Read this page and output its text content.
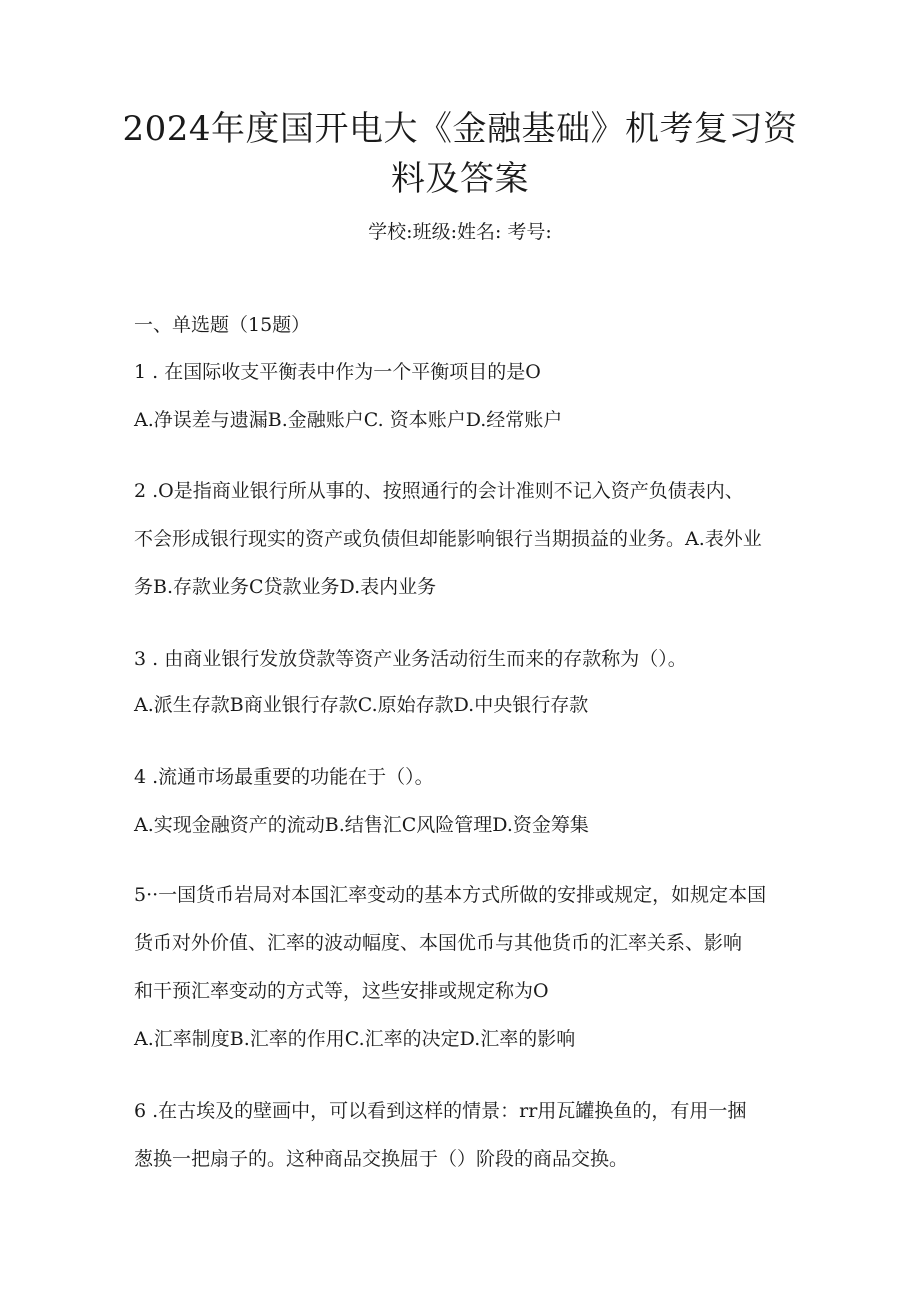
2024年度国开电大《金融基础》机考复习资
料及答案
学校:班级:姓名: 考号:
一、单选题（15题）
1 . 在国际收支平衡表中作为一个平衡项目的是O
A.净误差与遗漏B.金融账户C. 资本账户D.经常账户
2 .O是指商业银行所从事的、按照通行的会计准则不记入资产负债表内、
不会形成银行现实的资产或负债但却能影响银行当期损益的业务。A.表外业
务B.存款业务C贷款业务D.表内业务
3 . 由商业银行发放贷款等资产业务活动衍生而来的存款称为（）。
A.派生存款B商业银行存款C.原始存款D.中央银行存款
4 .流通市场最重要的功能在于（）。
A.实现金融资产的流动B.结售汇C风险管理D.资金筹集
5··一国货币岩局对本国汇率变动的基本方式所做的安排或规定，如规定本国
货币对外价值、汇率的波动幅度、本国优币与其他货币的汇率关系、影响
和干预汇率变动的方式等，这些安排或规定称为O
A.汇率制度B.汇率的作用C.汇率的决定D.汇率的影响
6 .在古埃及的壁画中，可以看到这样的情景：rr用瓦罐换鱼的，有用一捆
葱换一把扇子的。这种商品交换屈于（）阶段的商品交换。
